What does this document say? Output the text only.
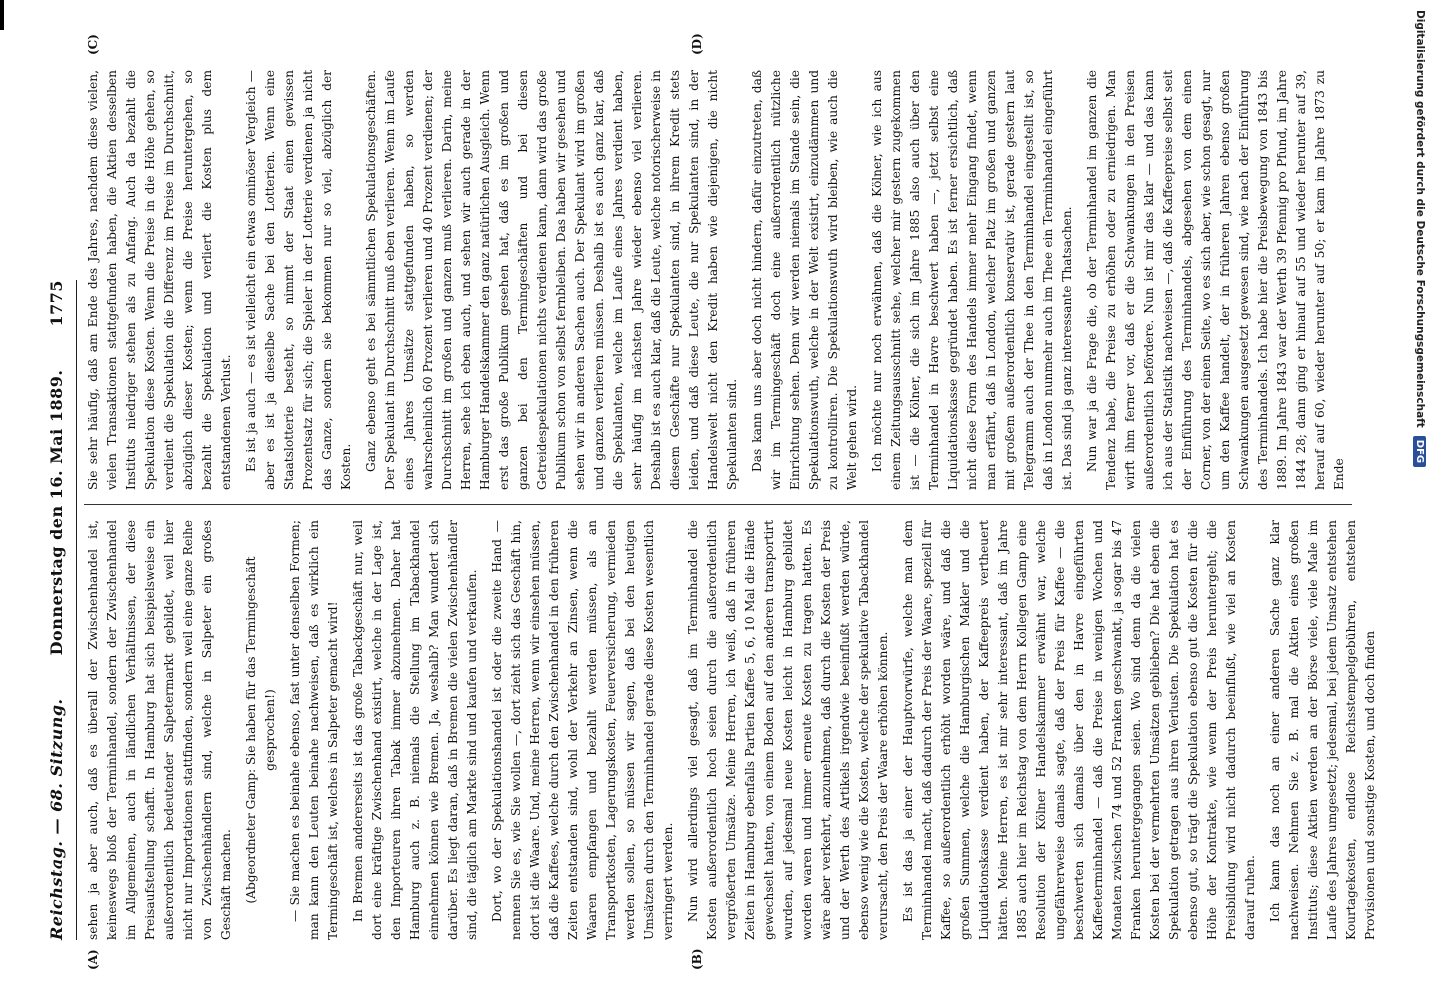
Reichstag. — 68. Sitzung.
Donnerstag den 16. Mai 1889.
1775
(A)	(B)
(C)	(D)

sehen ja aber auch, daß es überall der Zwischenhandel ist, keineswegs bloß der Terminhandel, sondern der Zwischenhandel im Allgemeinen, auch in ländlichen Verhältnissen, der diese Preisaufstellung schafft. In Hamburg hat sich beispielsweise ein außerordentlich bedeutender Salpetermarkt gebildet, weil hier nicht nur Importationen stattfinden, sondern weil eine ganze Reihe von Zwischenhändlern sind, welche in Salpeter ein großes Geschäft machen. (Abgeordneter Gamp: Sie haben für das Termingeschäft gesprochen!) — Sie machen es beinahe ebenso, fast unter denselben Formen; man kann den Leuten beinahe nachweisen, daß es wirklich ein Termingeschäft ist, welches in Salpeter gemacht wird! In Bremen andererseits ist das große Tabackgeschäft nur, weil dort eine kräftige Zwischenhand existirt, welche in der Lage ist, den Importeuren ihren Tabak immer abzunehmen. Daher hat Hamburg auch z. B. niemals die Stellung im Tabackhandel einnehmen können wie Bremen. Ja, weshalb? Man wundert sich darüber. Es liegt daran, daß in Bremen die vielen Zwischenhändler sind, die täglich am Markte sind und kaufen und verkaufen. Dort, wo der Spekulationshandel ist oder die zweite Hand — nennen Sie es, wie Sie wollen —, dort zieht sich das Geschäft hin, dort ist die Waare. Und, meine Herren, wenn wir einsehen müssen, daß die Kaffees, welche durch den Zwischenhandel in den früheren Zeiten entstanden sind, wohl der Verkehr an Zinsen, wenn die Waaren empfangen und bezahlt werden müssen, als an Transportkosten, Lagerungskosten, Feuerversicherung, vermieden werden sollen, so müssen wir sagen, daß bei den heutigen Umsätzen durch den Terminhandel gerade diese Kosten wesentlich verringert werden. Nun wird allerdings viel gesagt, daß im Terminhandel die Kosten außerordentlich hoch seien durch die außerordentlich vergrößerten Umsätze. Meine Herren, ich weiß, daß in früheren Zeiten in Hamburg ebenfalls Partien Kaffee 5, 6, 10 Mal die Hände gewechselt hatten, von einem Boden auf den anderen transportirt wurden, auf jedesmal neue Kosten leicht in Hamburg gebildet worden waren und immer erneute Kosten zu tragen hatten. Es wäre aber verkehrt, anzunehmen, daß durch die Kosten der Preis und der Werth des Artikels irgendwie beeinflußt werden würde, ebenso wenig wie die Kosten, welche der spekulative Tabackhandel verursacht, den Preis der Waare erhöhen können. Es ist das ja einer der Hauptvorwürfe, welche man dem Terminhandel macht, daß dadurch der Preis der Waare, speziell für Kaffee, so außerordentlich erhöht worden wäre, und daß die großen Summen, welche die Hamburgischen Makler und die Liquidationskasse verdient haben, der Kaffeepreis vertheuert hätten. Meine Herren, es ist mir sehr interessant, daß im Jahre 1885 auch hier im Reichstag von dem Herrn Kollegen Gamp eine Resolution der Kölner Handelskammer erwähnt war, welche ungefährerweise damals sagte, daß der Preis für Kaffee — die beschwerten sich damals über den in Havre eingeführten Kaffeeterminhandel — daß die Preise in wenigen Wochen und Monaten zwischen 74 und 52 Franken geschwankt, ja sogar bis 47 Franken heruntergegangen seien. Wo sind denn da die vielen Kosten bei der vermehrten Umsätzen geblieben? Die hat eben die Spekulation getragen aus ihren Verlusten. Die Spekulation hat es ebenso gut, so trägt die Spekulation ebenso gut die Kosten für die Höhe der Kontrakte, wie wenn der Preis heruntergeht; die Preisbildung wird nicht dadurch beeinflußt, wie viel an Kosten darauf ruhen. Ich kann das noch an einer anderen Sache ganz klar nachweisen. Nehmen Sie z. B. mal die Aktien eines großen Instituts; diese Aktien werden an der Börse viele, viele Male im Laufe des Jahres umgesetzt; jedesmal, bei jedem Umsatz entstehen Kourtagekosten, endlose Reichsstempelgebühren, entstehen Provisionen und sonstige Kosten, und doch finden

Sie sehr häufig, daß am Ende des Jahres, nachdem diese vielen, vielen Transaktionen stattgefunden haben, die Aktien desselben Instituts niedriger stehen als zu Anfang. Auch da bezahlt die Spekulation diese Kosten. Wenn die Preise in die Höhe gehen, so verdient die Spekulation die Differenz im Preise im Durchschnitt, abzüglich dieser Kosten; wenn die Preise heruntergehen, so bezahlt die Spekulation und verliert die Kosten plus dem entstandenen Verlust. Es ist ja auch — es ist vielleicht ein etwas ominöser Vergleich — aber es ist ja dieselbe Sache bei den Lotterien. Wenn eine Staatslotterie besteht, so nimmt der Staat einen gewissen Prozentsatz für sich; die Spieler in der Lotterie verdienen ja nicht das Ganze, sondern sie bekommen nur so viel, abzüglich der Kosten. Ganz ebenso geht es bei sämmtlichen Spekulationsgeschäften. Der Spekulant im Durchschnitt muß eben verlieren. Wenn im Laufe eines Jahres Umsätze stattgefunden haben, so werden wahrscheinlich 60 Prozent verlieren und 40 Prozent verdienen; der Durchschnitt im großen und ganzen muß verlieren. Darin, meine Herren, sehe ich eben auch, und sehen wir auch gerade in der Hamburger Handelskammer den ganz natürlichen Ausgleich. Wenn erst das große Publikum gesehen hat, daß es im großen und ganzen bei den Termingeschäften und bei diesen Getreidespekulationen nichts verdienen kann, dann wird das große Publikum schon von selbst fernbleiben. Das haben wir gesehen und sehen wir in anderen Sachen auch. Der Spekulant wird im großen und ganzen verlieren müssen. Deshalb ist es auch ganz klar, daß die Spekulanten, welche im Laufe eines Jahres verdient haben, sehr häufig im nächsten Jahre wieder ebenso viel verlieren. Deshalb ist es auch klar, daß die Leute, welche notorischerweise in diesem Geschäfte nur Spekulanten sind, in ihrem Kredit stets leiden, und daß diese Leute, die nur Spekulanten sind, in der Handelswelt nicht den Kredit haben wie diejenigen, die nicht Spekulanten sind. Das kann uns aber doch nicht hindern, dafür einzutreten, daß wir im Termingeschäft doch eine außerordentlich nützliche Einrichtung sehen. Denn wir werden niemals im Stande sein, die Spekulationswuth, welche in der Welt existirt, einzudämmen und zu kontrolliren. Die Spekulationswuth wird bleiben, wie auch die Welt gehen wird. Ich möchte nur noch erwähnen, daß die Kölner, wie ich aus einem Zeitungsausschnitt sehe, welcher mir gestern zugekommen ist — die Kölner, die sich im Jahre 1885 also auch über den Terminhandel in Havre beschwert haben —, jetzt selbst eine Liquidationskasse gegründet haben. Es ist ferner ersichtlich, daß nicht diese Form des Handels immer mehr Eingang findet, wenn man erfährt, daß in London, welcher Platz im großen und ganzen mit großem außerordentlich konservativ ist, gerade gestern laut Telegramm auch der Thee in den Terminhandel eingestellt ist, so daß in London nunmehr auch im Thee ein Terminhandel eingeführt ist. Das sind ja ganz interessante Thatsachen. Nun war ja die Frage die, ob der Terminhandel im ganzen die Tendenz habe, die Preise zu erhöhen oder zu erniedrigen. Man wirft ihm ferner vor, daß er die Schwankungen in den Preisen außerordentlich befördere. Nun ist mir das klar — und das kann ich aus der Statistik nachweisen —, daß die Kaffeepreise selbst seit der Einführung des Terminhandels, abgesehen von dem einen Corner, von der einen Seite, wo es sich aber, wie schon gesagt, nur um den Kaffee handelt, der in früheren Jahren ebenso großen Schwankungen ausgesetzt gewesen sind, wie nach der Einführung des Terminhandels. Ich habe hier die Preisbewegung von 1843 bis 1889. Im Jahre 1843 war der Werth 39 Pfennig pro Pfund, im Jahre 1844 28; dann ging er hinauf auf 55 und wieder herunter auf 39, herauf auf 60, wieder herunter auf 50; er kam im Jahre 1873 zu Ende

Digitalisierung gefördert durch die Deutsche Forschungsgemeinschaft
DFG
